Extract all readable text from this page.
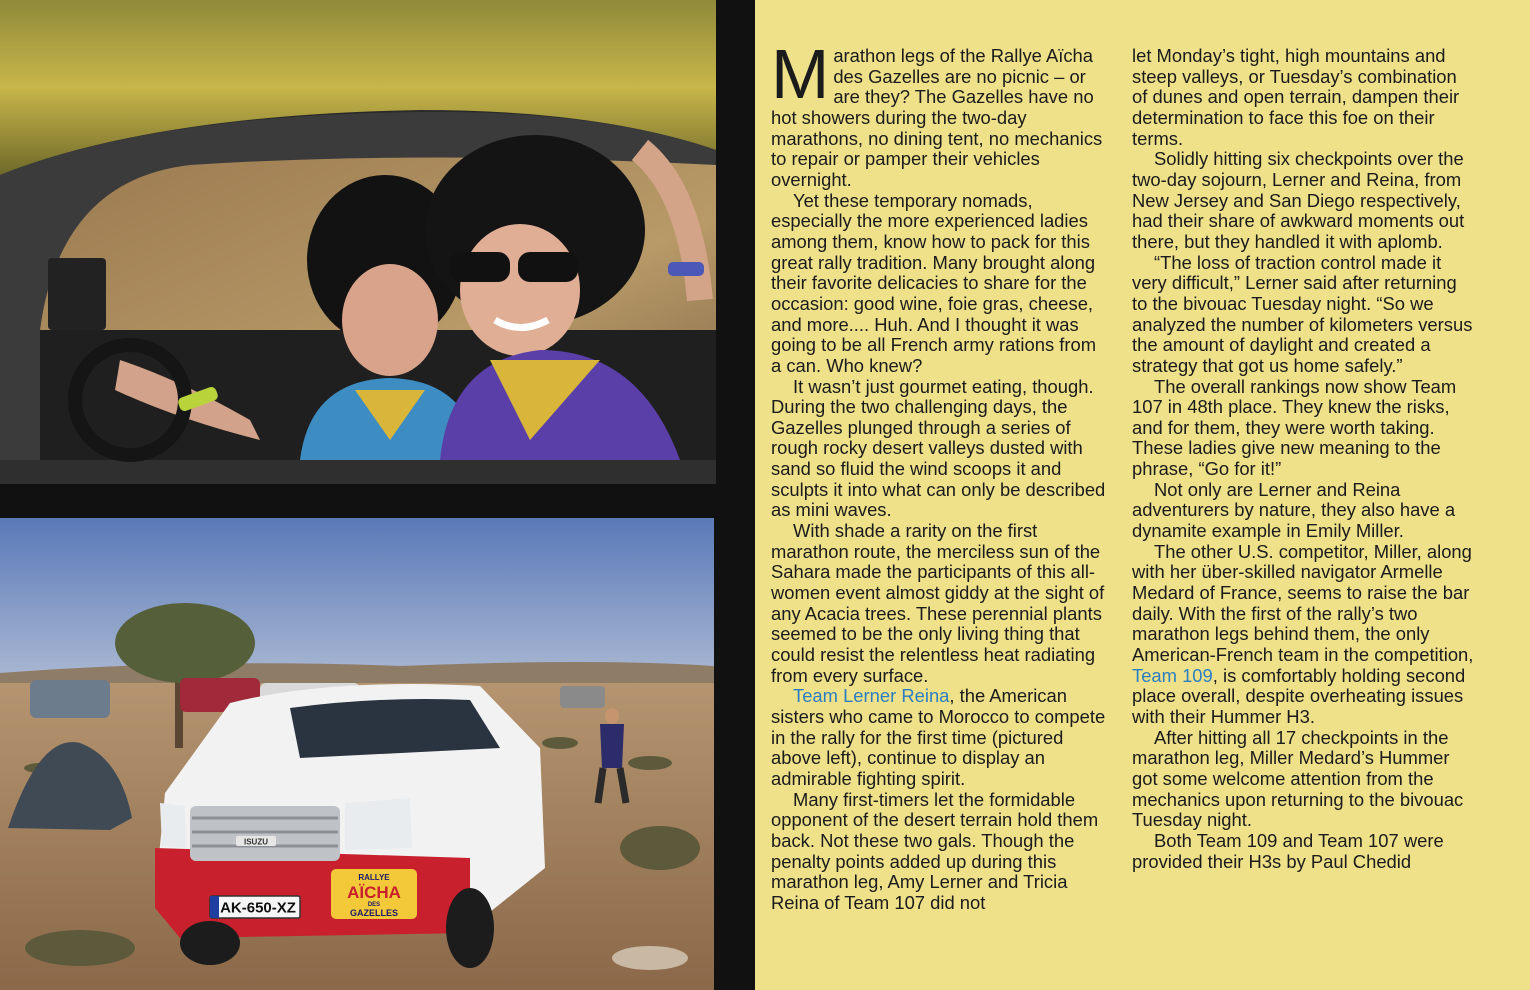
ISUZU
RALLYE
AÏCHA
DES
GAZELLES
AK-650-XZ

Marathon legs of the Rallye Aïcha des Gazelles are no picnic – or are they? The Gazelles have no hot showers during the two-day marathons, no dining tent, no mechanics to repair or pamper their vehicles overnight.

Yet these temporary nomads, especially the more experienced ladies among them, know how to pack for this great rally tradition. Many brought along their favorite delicacies to share for the occasion: good wine, foie gras, cheese, and more.... Huh. And I thought it was going to be all French army rations from a can. Who knew?

It wasn’t just gourmet eating, though. During the two challenging days, the Gazelles plunged through a series of rough rocky desert valleys dusted with sand so fluid the wind scoops it and sculpts it into what can only be described as mini waves.

With shade a rarity on the first marathon route, the merciless sun of the Sahara made the participants of this all-women event almost giddy at the sight of any Acacia trees. These perennial plants seemed to be the only living thing that could resist the relentless heat radiating from every surface.

Team Lerner Reina, the American sisters who came to Morocco to compete in the rally for the first time (pictured above left), continue to display an admirable fighting spirit.

Many first-timers let the formidable opponent of the desert terrain hold them back. Not these two gals. Though the penalty points added up during this marathon leg, Amy Lerner and Tricia Reina of Team 107 did not

let Monday’s tight, high mountains and steep valleys, or Tuesday’s combination of dunes and open terrain, dampen their determination to face this foe on their terms.

Solidly hitting six checkpoints over the two-day sojourn, Lerner and Reina, from New Jersey and San Diego respectively, had their share of awkward moments out there, but they handled it with aplomb.

“The loss of traction control made it very difficult,” Lerner said after returning to the bivouac Tuesday night. “So we analyzed the number of kilometers versus the amount of daylight and created a strategy that got us home safely.”

The overall rankings now show Team 107 in 48th place. They knew the risks, and for them, they were worth taking. These ladies give new meaning to the phrase, “Go for it!”

Not only are Lerner and Reina adventurers by nature, they also have a dynamite example in Emily Miller.

The other U.S. competitor, Miller, along with her über-skilled navigator Armelle Medard of France, seems to raise the bar daily. With the first of the rally’s two marathon legs behind them, the only American-French team in the competition, Team 109, is comfortably holding second place overall, despite overheating issues with their Hummer H3.

After hitting all 17 checkpoints in the marathon leg, Miller Medard’s Hummer got some welcome attention from the mechanics upon returning to the bivouac Tuesday night.

Both Team 109 and Team 107 were provided their H3s by Paul Chedid
